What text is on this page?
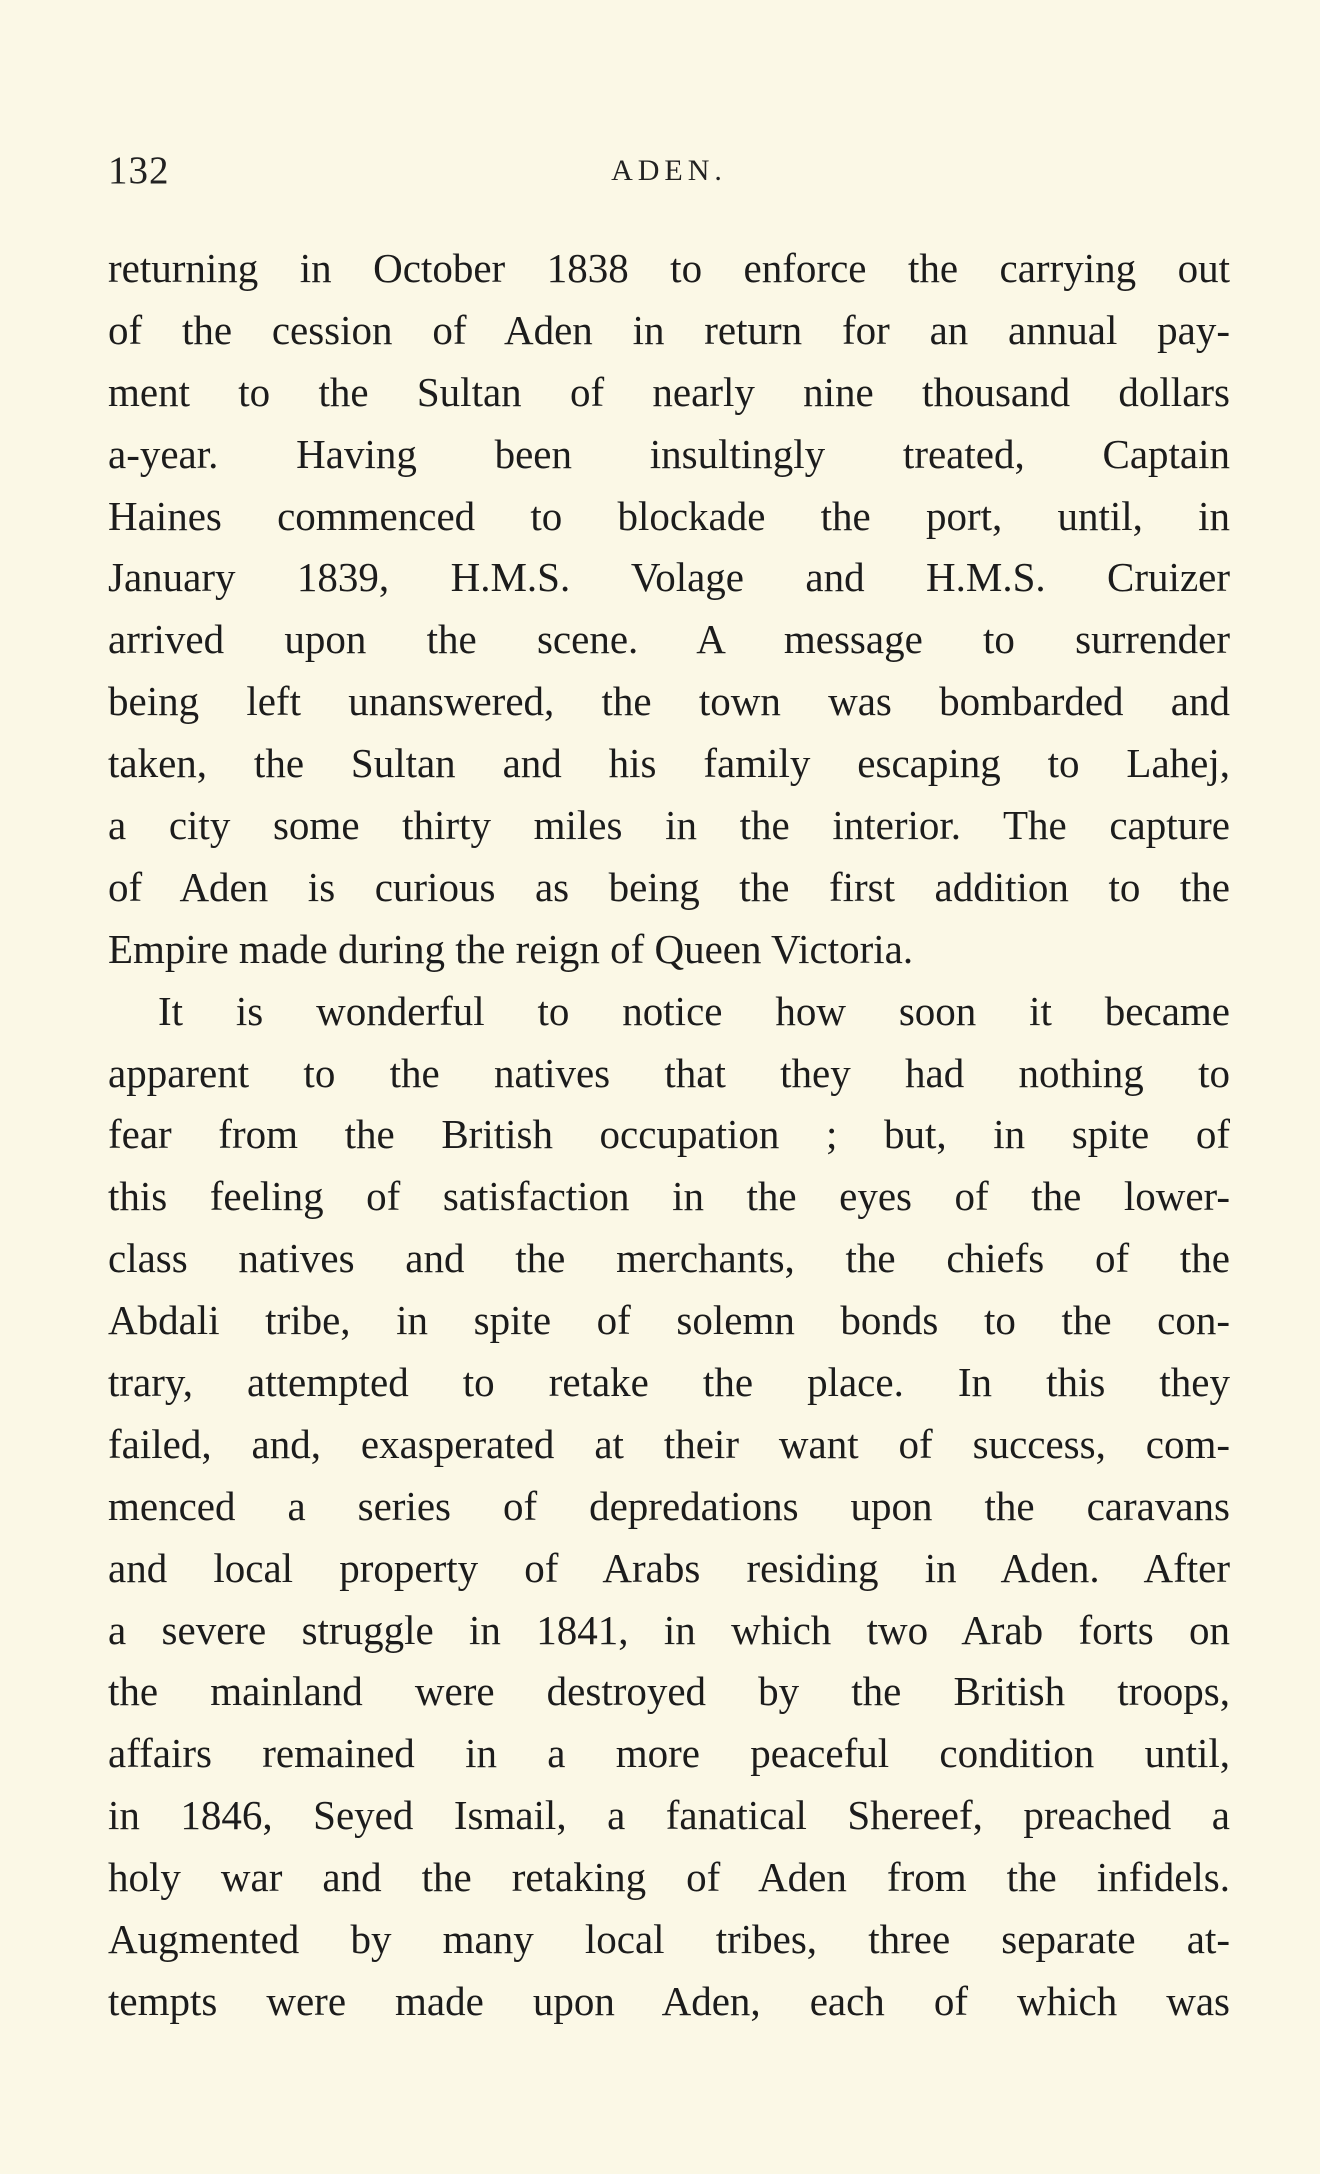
132	ADEN.
returning in October 1838 to enforce the carrying out
of the cession of Aden in return for an annual pay-
ment to the Sultan of nearly nine thousand dollars
a-year. Having been insultingly treated, Captain
Haines commenced to blockade the port, until, in
January 1839, H.M.S. Volage and H.M.S. Cruizer
arrived upon the scene. A message to surrender
being left unanswered, the town was bombarded and
taken, the Sultan and his family escaping to Lahej,
a city some thirty miles in the interior. The capture
of Aden is curious as being the first addition to the
Empire made during the reign of Queen Victoria.
It is wonderful to notice how soon it became
apparent to the natives that they had nothing to
fear from the British occupation ; but, in spite of
this feeling of satisfaction in the eyes of the lower-
class natives and the merchants, the chiefs of the
Abdali tribe, in spite of solemn bonds to the con-
trary, attempted to retake the place. In this they
failed, and, exasperated at their want of success, com-
menced a series of depredations upon the caravans
and local property of Arabs residing in Aden. After
a severe struggle in 1841, in which two Arab forts on
the mainland were destroyed by the British troops,
affairs remained in a more peaceful condition until,
in 1846, Seyed Ismail, a fanatical Shereef, preached a
holy war and the retaking of Aden from the infidels.
Augmented by many local tribes, three separate at-
tempts were made upon Aden, each of which was
